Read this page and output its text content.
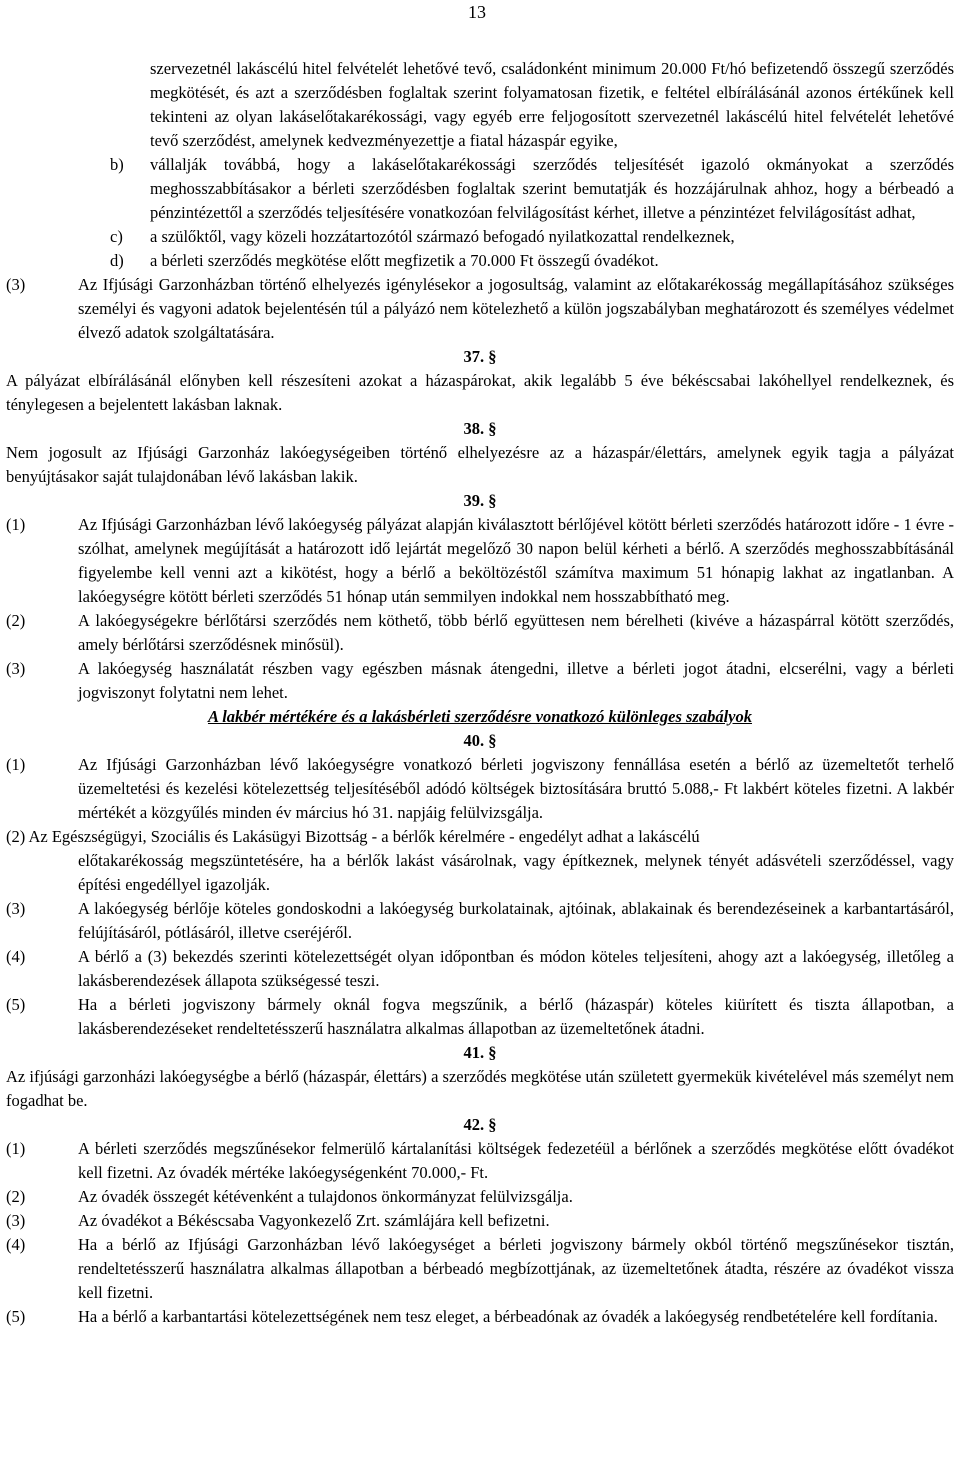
13

szervezetnél lakáscélú hitel felvételét lehetővé tevő, családonként minimum 20.000 Ft/hó befizetendő összegű szerződés megkötését, és azt a szerződésben foglaltak szerint folyamatosan fizetik, e feltétel elbírálásánál azonos értékűnek kell tekinteni az olyan lakáselőtakarékossági, vagy egyéb erre feljogosított szervezetnél lakáscélú hitel felvételét lehetővé tevő szerződést, amelynek kedvezményezettje a fiatal házaspár egyike,

b) vállalják továbbá, hogy a lakáselőtakarékossági szerződés teljesítését igazoló okmányokat a szerződés meghosszabbításakor a bérleti szerződésben foglaltak szerint bemutatják és hozzájárulnak ahhoz, hogy a bérbeadó a pénzintézettől a szerződés teljesítésére vonatkozóan felvilágosítást kérhet, illetve a pénzintézet felvilágosítást adhat,
c) a szülőktől, vagy közeli hozzátartozótól származó befogadó nyilatkozattal rendelkeznek,
d) a bérleti szerződés megkötése előtt megfizetik a 70.000 Ft összegű óvadékot.
(3)	Az Ifjúsági Garzonházban történő elhelyezés igénylésekor a jogosultság, valamint az előtakarékosság megállapításához szükséges személyi és vagyoni adatok bejelentésén túl a pályázó nem kötelezhető a külön jogszabályban meghatározott és személyes védelmet élvező adatok szolgáltatására.

37. §

A pályázat elbírálásánál előnyben kell részesíteni azokat a házaspárokat, akik legalább 5 éve békéscsabai lakóhellyel rendelkeznek, és ténylegesen a bejelentett lakásban laknak.

38. §

Nem jogosult az Ifjúsági Garzonház lakóegységeiben történő elhelyezésre az a házaspár/élettárs, amelynek egyik tagja a pályázat benyújtásakor saját tulajdonában lévő lakásban lakik.

39. §

(1)	Az Ifjúsági Garzonházban lévő lakóegység pályázat alapján kiválasztott bérlőjével kötött bérleti szerződés határozott időre - 1 évre - szólhat, amelynek megújítását a határozott idő lejártát megelőző 30 napon belül kérheti a bérlő. A szerződés meghosszabbításánál figyelembe kell venni azt a kikötést, hogy a bérlő a beköltözéstől számítva maximum 51 hónapig lakhat az ingatlanban. A lakóegységre kötött bérleti szerződés 51 hónap után semmilyen indokkal nem hosszabbítható meg.
(2)	A lakóegységekre bérlőtársi szerződés nem köthető, több bérlő együttesen nem bérelheti (kivéve a házaspárral kötött szerződés, amely bérlőtársi szerződésnek minősül).
(3)	A lakóegység használatát részben vagy egészben másnak átengedni, illetve a bérleti jogot átadni, elcserélni, vagy a bérleti jogviszonyt folytatni nem lehet.

A lakbér mértékére és a lakásbérleti szerződésre vonatkozó különleges szabályok

40. §

(1)	Az Ifjúsági Garzonházban lévő lakóegységre vonatkozó bérleti jogviszony fennállása esetén a bérlő az üzemeltetőt terhelő üzemeltetési és kezelési kötelezettség teljesítéséből adódó költségek biztosítására bruttó 5.088,- Ft lakbért köteles fizetni. A lakbér mértékét a közgyűlés minden év március hó 31. napjáig felülvizsgálja.

(2) Az Egészségügyi, Szociális és Lakásügyi Bizottság - a bérlők kérelmére - engedélyt adhat a lakáscélú

előtakarékosság megszüntetésére, ha a bérlők lakást vásárolnak, vagy építkeznek, melynek tényét adásvételi szerződéssel, vagy építési engedéllyel igazolják.

(3)	A lakóegység bérlője köteles gondoskodni a lakóegység burkolatainak, ajtóinak, ablakainak és berendezéseinek a karbantartásáról, felújításáról, pótlásáról, illetve cseréjéről.
(4)	A bérlő a (3) bekezdés szerinti kötelezettségét olyan időpontban és módon köteles teljesíteni, ahogy azt a lakóegység, illetőleg a lakásberendezések állapota szükségessé teszi.
(5)	Ha a bérleti jogviszony bármely oknál fogva megszűnik, a bérlő (házaspár) köteles kiürített és tiszta állapotban, a lakásberendezéseket rendeltetésszerű használatra alkalmas állapotban az üzemeltetőnek átadni.

41. §

Az ifjúsági garzonházi lakóegységbe a bérlő (házaspár, élettárs) a szerződés megkötése után született gyermekük kivételével más személyt nem fogadhat be.

42. §

(1)	A bérleti szerződés megszűnésekor felmerülő kártalanítási költségek fedezetéül a bérlőnek a szerződés megkötése előtt óvadékot kell fizetni. Az óvadék mértéke lakóegységenként 70.000,- Ft.
(2)	Az óvadék összegét kétévenként a tulajdonos önkormányzat felülvizsgálja.
(3)	Az óvadékot a Békéscsaba Vagyonkezelő Zrt. számlájára kell befizetni.
(4)	Ha a bérlő az Ifjúsági Garzonházban lévő lakóegységet a bérleti jogviszony bármely okból történő megszűnésekor tisztán, rendeltetésszerű használatra alkalmas állapotban a bérbeadó megbízottjának, az üzemeltetőnek átadta, részére az óvadékot vissza kell fizetni.
(5)	Ha a bérlő a karbantartási kötelezettségének nem tesz eleget, a bérbeadónak az óvadék a lakóegység rendbetételére kell fordítania.
